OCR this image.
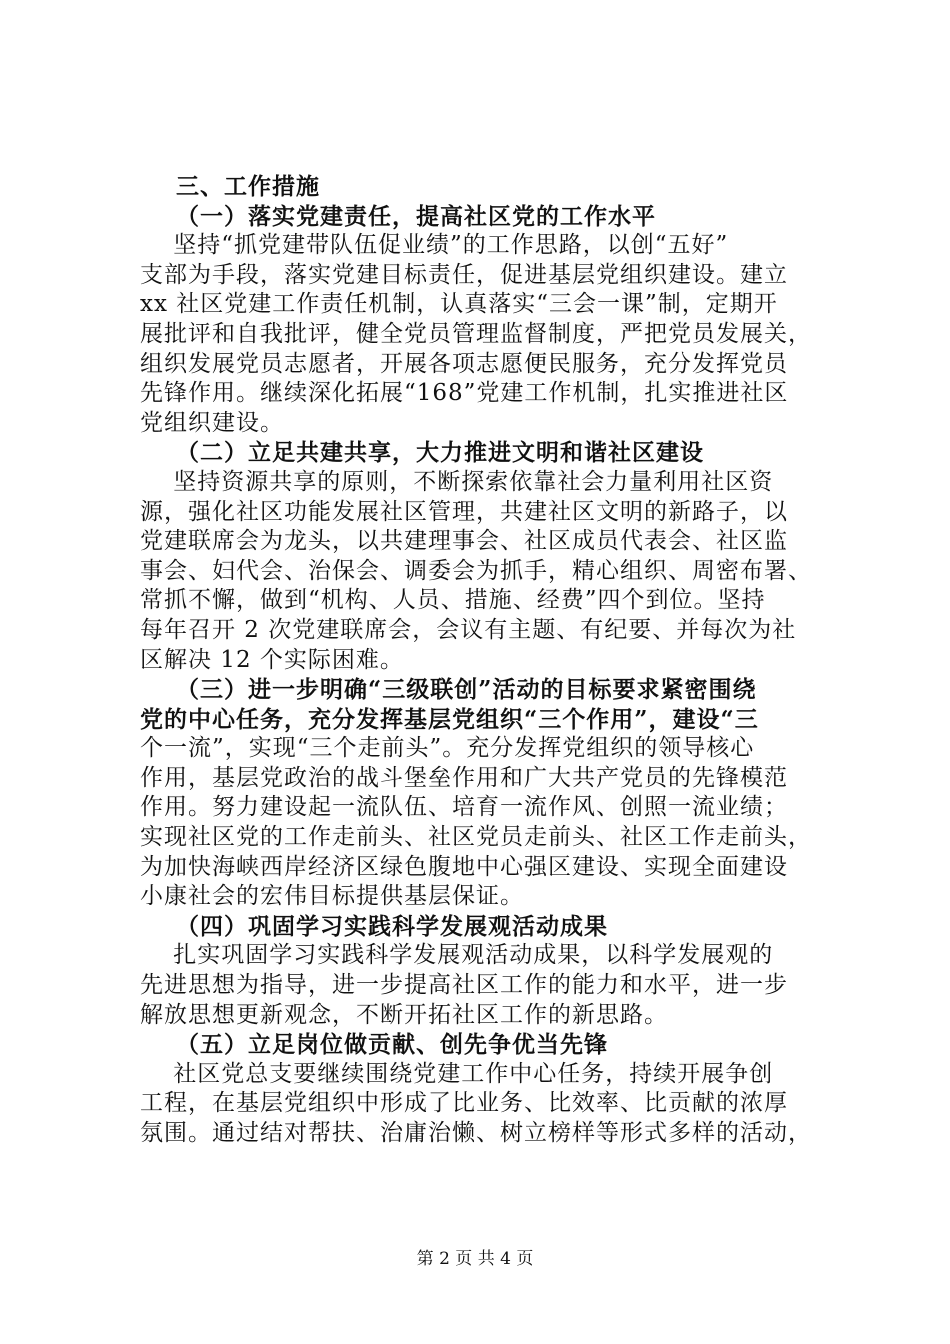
三、工作措施
（一）落实党建责任，提高社区党的工作水平
坚持“抓党建带队伍促业绩”的工作思路，以创“五好”
支部为手段，落实党建目标责任，促进基层党组织建设。建立
xx 社区党建工作责任机制，认真落实“三会一课”制，定期开
展批评和自我批评，健全党员管理监督制度，严把党员发展关，
组织发展党员志愿者，开展各项志愿便民服务，充分发挥党员
先锋作用。继续深化拓展“168”党建工作机制，扎实推进社区
党组织建设。
（二）立足共建共享，大力推进文明和谐社区建设
坚持资源共享的原则，不断探索依靠社会力量利用社区资
源，强化社区功能发展社区管理，共建社区文明的新路子，以
党建联席会为龙头，以共建理事会、社区成员代表会、社区监
事会、妇代会、治保会、调委会为抓手，精心组织、周密布署、
常抓不懈，做到“机构、人员、措施、经费”四个到位。坚持
每年召开 2 次党建联席会，会议有主题、有纪要、并每次为社
区解决 12 个实际困难。
（三）进一步明确“三级联创”活动的目标要求紧密围绕
党的中心任务，充分发挥基层党组织“三个作用”，建设“三
个一流”，实现“三个走前头”。充分发挥党组织的领导核心
作用，基层党政治的战斗堡垒作用和广大共产党员的先锋模范
作用。努力建设起一流队伍、培育一流作风、创照一流业绩；
实现社区党的工作走前头、社区党员走前头、社区工作走前头，
为加快海峡西岸经济区绿色腹地中心强区建设、实现全面建设
小康社会的宏伟目标提供基层保证。
（四）巩固学习实践科学发展观活动成果
扎实巩固学习实践科学发展观活动成果，以科学发展观的
先进思想为指导，进一步提高社区工作的能力和水平，进一步
解放思想更新观念，不断开拓社区工作的新思路。
（五）立足岗位做贡献、创先争优当先锋
社区党总支要继续围绕党建工作中心任务，持续开展争创
工程，在基层党组织中形成了比业务、比效率、比贡献的浓厚
氛围。通过结对帮扶、治庸治懒、树立榜样等形式多样的活动，
第 2 页 共 4 页
